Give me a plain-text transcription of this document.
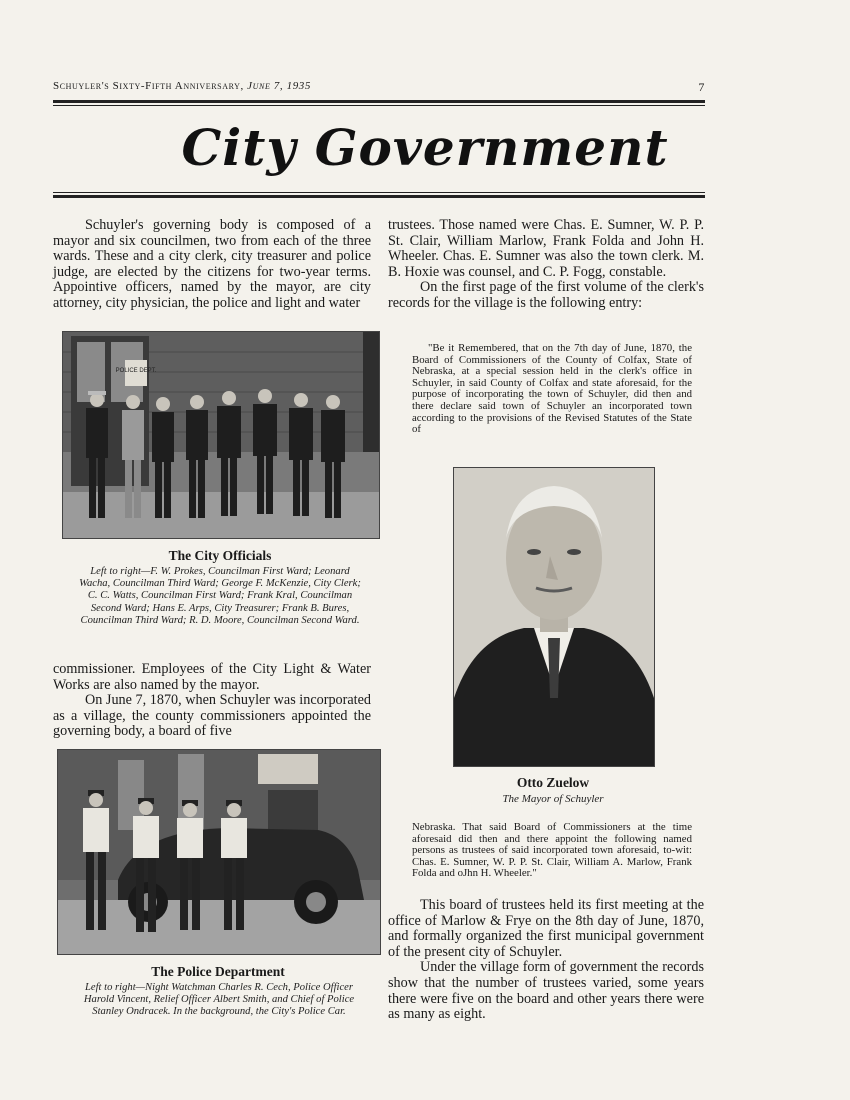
Schuyler's Sixty-Fifth Anniversary, June 7, 1935	7
City Government

Schuyler's governing body is composed of a mayor and six councilmen, two from each of the three wards. These and a city clerk, city treasurer and police judge, are elected by the citizens for two-year terms. Appointive officers, named by the mayor, are city attorney, city physician, the police and light and water

POLICE DEPT.
The City Officials
Left to right—F. W. Prokes, Councilman First Ward; Leonard Wacha, Councilman Third Ward; George F. McKenzie, City Clerk; C. C. Watts, Councilman First Ward; Frank Kral, Councilman Second Ward; Hans E. Arps, City Treasurer; Frank B. Bures, Councilman Third Ward; R. D. Moore, Councilman Second Ward.

commissioner. Employees of the City Light & Water Works are also named by the mayor.

On June 7, 1870, when Schuyler was incorporated as a village, the county commissioners appointed the governing body, a board of five

The Police Department
Left to right—Night Watchman Charles R. Cech, Police Officer Harold Vincent, Relief Officer Albert Smith, and Chief of Police Stanley Ondracek. In the background, the City's Police Car.

trustees. Those named were Chas. E. Sumner, W. P. P. St. Clair, William Marlow, Frank Folda and John H. Wheeler. Chas. E. Sumner was also the town clerk. M. B. Hoxie was counsel, and C. P. Fogg, constable.

On the first page of the first volume of the clerk's records for the village is the following entry:

"Be it Remembered, that on the 7th day of June, 1870, the Board of Commissioners of the County of Colfax, State of Nebraska, at a special session held in the clerk's office in Schuyler, in said County of Colfax and state aforesaid, for the purpose of incorporating the town of Schuyler, did then and there declare said town of Schuyler an incorporated town according to the provisions of the Revised Statutes of the State of

Otto Zuelow
The Mayor of Schuyler

Nebraska. That said Board of Commissioners at the time aforesaid did then and there appoint the following named persons as trustees of said incorporated town aforesaid, to-wit: Chas. E. Sumner, W. P. P. St. Clair, William A. Marlow, Frank Folda and oJhn H. Wheeler."

This board of trustees held its first meeting at the office of Marlow & Frye on the 8th day of June, 1870, and formally organized the first municipal government of the present city of Schuyler.

Under the village form of government the records show that the number of trustees varied, some years there were five on the board and other years there were as many as eight.
